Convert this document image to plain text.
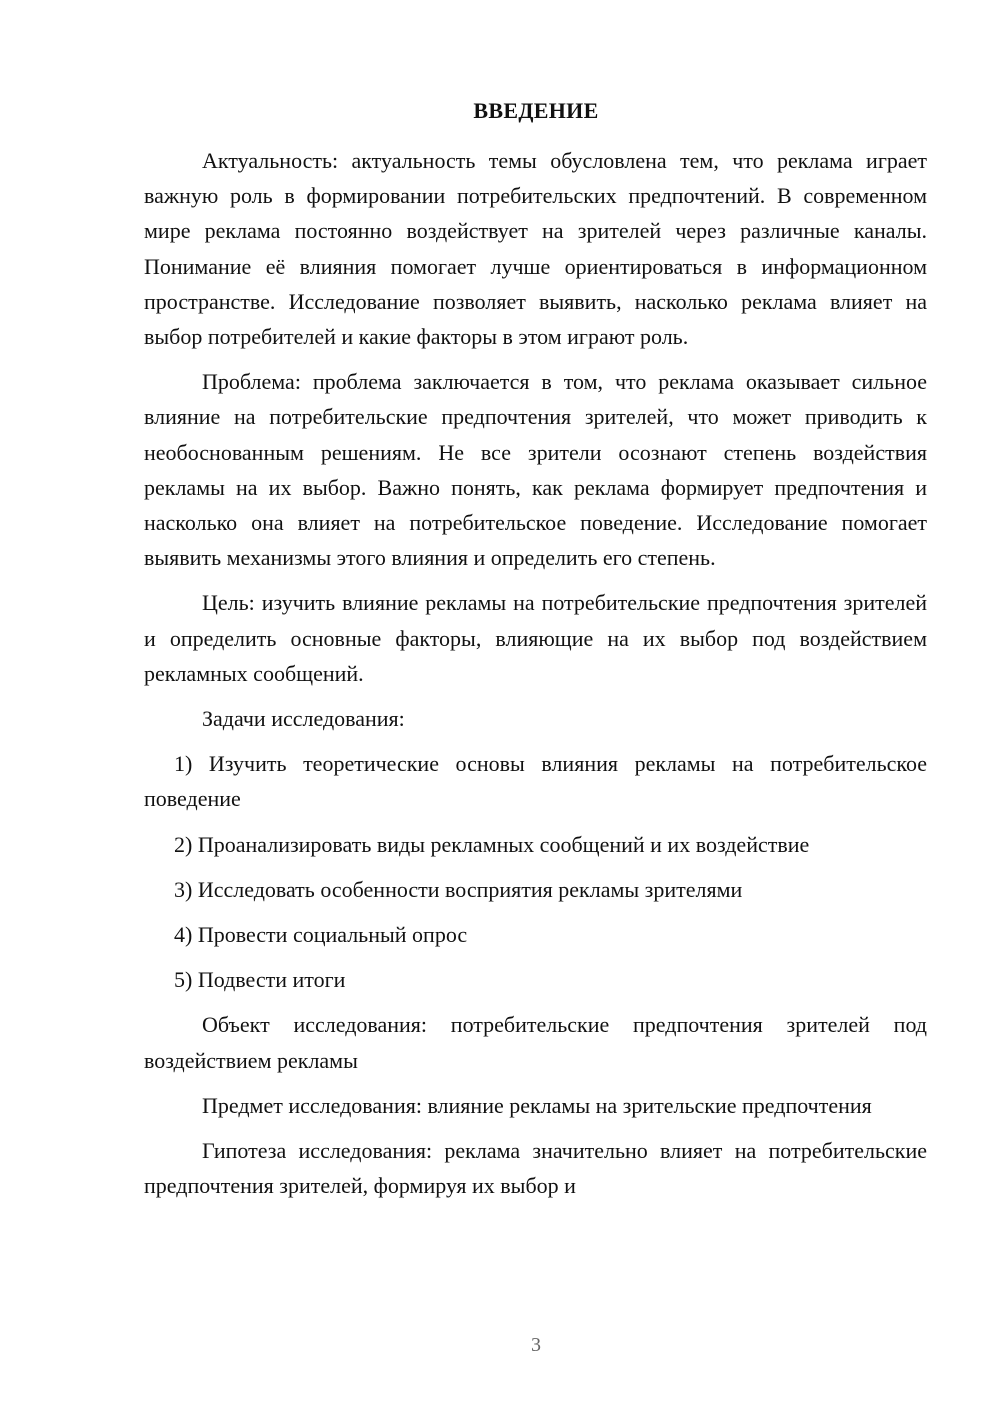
ВВЕДЕНИЕ

Актуальность: актуальность темы обусловлена тем, что реклама играет важную роль в формировании потребительских предпочтений. В современном мире реклама постоянно воздействует на зрителей через различные каналы. Понимание её влияния помогает лучше ориентироваться в информационном пространстве. Исследование позволяет выявить, насколько реклама влияет на выбор потребителей и какие факторы в этом играют роль.

Проблема: проблема заключается в том, что реклама оказывает сильное влияние на потребительские предпочтения зрителей, что может приводить к необоснованным решениям. Не все зрители осознают степень воздействия рекламы на их выбор. Важно понять, как реклама формирует предпочтения и насколько она влияет на потребительское поведение. Исследование помогает выявить механизмы этого влияния и определить его степень.

Цель: изучить влияние рекламы на потребительские предпочтения зрителей и определить основные факторы, влияющие на их выбор под воздействием рекламных сообщений.

Задачи исследования:

1) Изучить теоретические основы влияния рекламы на потребительское поведение

2) Проанализировать виды рекламных сообщений и их воздействие

3) Исследовать особенности восприятия рекламы зрителями

4) Провести социальный опрос

5) Подвести итоги

Объект исследования: потребительские предпочтения зрителей под воздействием рекламы

Предмет исследования: влияние рекламы на зрительские предпочтения

Гипотеза исследования: реклама значительно влияет на потребительские предпочтения зрителей, формируя их выбор и

3
